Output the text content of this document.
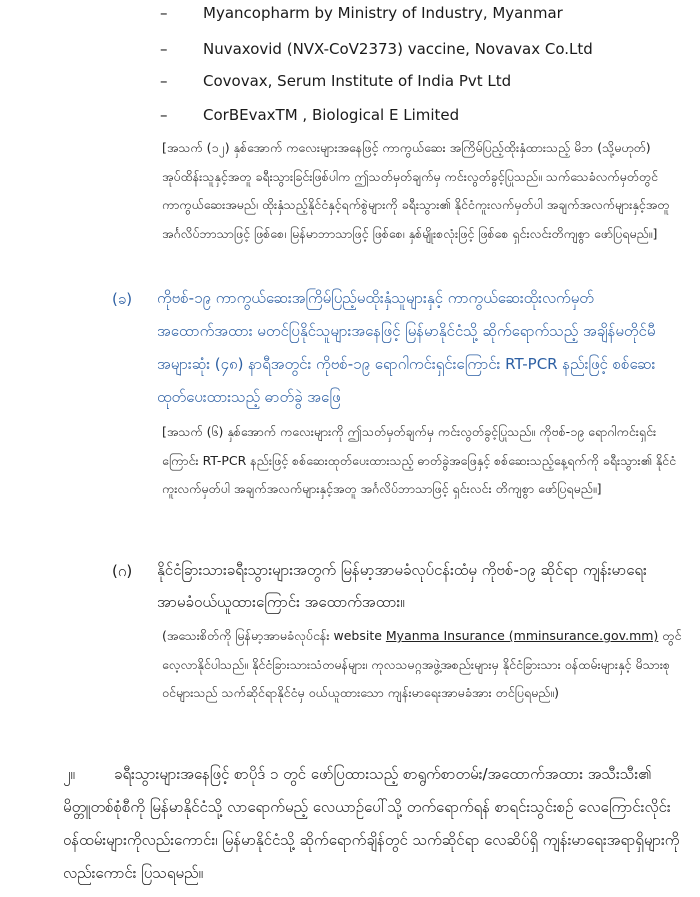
– Myancopharm by Ministry of Industry, Myanmar
– Nuvaxovid (NVX-CoV2373) vaccine, Novavax Co.Ltd
– Covovax, Serum Institute of India Pvt Ltd
– CorBEvaxTM , Biological E Limited
[အသက် (၁၂) နှစ်အောက် ကလေးများအနေဖြင့် ကာကွယ်ဆေး အကြိမ်ပြည့်ထိုးနှံထားသည့် မိဘ (သို့မဟုတ်) အုပ်ထိန်းသူနှင့်အတူ ခရီးသွားခြင်းဖြစ်ပါက ဤသတ်မှတ်ချက်မှ ကင်းလွတ်ခွင့်ပြုသည်။ သက်သေခံလက်မှတ်တွင် ကာကွယ်ဆေးအမည်၊ ထိုးနှံသည့်နိုင်ငံနှင့်ရက်စွဲများကို ခရီးသွား၏ နိုင်ငံကူးလက်မှတ်ပါ အချက်အလက်များနှင့်အတူ အင်္ဂလိပ်ဘာသာဖြင့် ဖြစ်စေ၊ မြန်မာဘာသာဖြင့် ဖြစ်စေ၊ နှစ်မျိုးစလုံးဖြင့် ဖြစ်စေ ရှင်းလင်းတိကျစွာ ဖော်ပြရမည်။]
(ခ) ကိုဗစ်-၁၉ ကာကွယ်ဆေးအကြိမ်ပြည့်မထိုးနှံသူများနှင့် ကာကွယ်ဆေးထိုးလက်မှတ် အထောက်အထား မတင်ပြနိုင်သူများအနေဖြင့် မြန်မာနိုင်ငံသို့ ဆိုက်ရောက်သည့် အချိန်မတိုင်မီ အများဆုံး (၄၈) နာရီအတွင်း ကိုဗစ်-၁၉ ရောဂါကင်းရှင်းကြောင်း RT-PCR နည်းဖြင့် စစ်ဆေးထုတ်ပေးထားသည့် ဓာတ်ခွဲ အဖြေ
[အသက် (၆) နှစ်အောက် ကလေးများကို ဤသတ်မှတ်ချက်မှ ကင်းလွတ်ခွင့်ပြုသည်။ ကိုဗစ်-၁၉ ရောဂါကင်းရှင်းကြောင်း RT-PCR နည်းဖြင့် စစ်ဆေးထုတ်ပေးထားသည့် ဓာတ်ခွဲအဖြေနှင့် စစ်ဆေးသည့်နေ့ရက်ကို ခရီးသွား၏ နိုင်ငံကူးလက်မှတ်ပါ အချက်အလက်များနှင့်အတူ အင်္ဂလိပ်ဘာသာဖြင့် ရှင်းလင်း တိကျစွာ ဖော်ပြရမည်။]
(ဂ) နိုင်ငံခြားသားခရီးသွားများအတွက် မြန်မာ့အာမခံလုပ်ငန်းထံမှ ကိုဗစ်-၁၉ ဆိုင်ရာ ကျန်းမာရေး အာမခံဝယ်ယူထားကြောင်း အထောက်အထား။
(အသေးစိတ်ကို မြန်မာ့အာမခံလုပ်ငန်း website Myanma Insurance (mminsurance.gov.mm) တွင် လေ့လာနိုင်ပါသည်။ နိုင်ငံခြားသားသံတမန်များ၊ ကုလသမဂ္ဂအဖွဲ့အစည်းများမှ နိုင်ငံခြားသား ဝန်ထမ်းများနှင့် မိသားစုဝင်များသည် သက်ဆိုင်ရာနိုင်ငံမှ ဝယ်ယူထားသော ကျန်းမာရေးအာမခံအား တင်ပြရမည်။)
၂။	ခရီးသွားများအနေဖြင့် စာပိုဒ် ၁ တွင် ဖော်ပြထားသည့် စာရွက်စာတမ်း/အထောက်အထား အသီးသီး၏ မိတ္တူတစ်စုံစီကို မြန်မာနိုင်ငံသို့ လာရောက်မည့် လေယာဉ်ပေါ်သို့ တက်ရောက်ရန် စာရင်းသွင်းစဉ် လေကြောင်းလိုင်းဝန်ထမ်းများကိုလည်းကောင်း၊ မြန်မာနိုင်ငံသို့ ဆိုက်ရောက်ချိန်တွင် သက်ဆိုင်ရာ လေဆိပ်ရှိ ကျန်းမာရေးအရာရှိများကိုလည်းကောင်း ပြသရမည်။
